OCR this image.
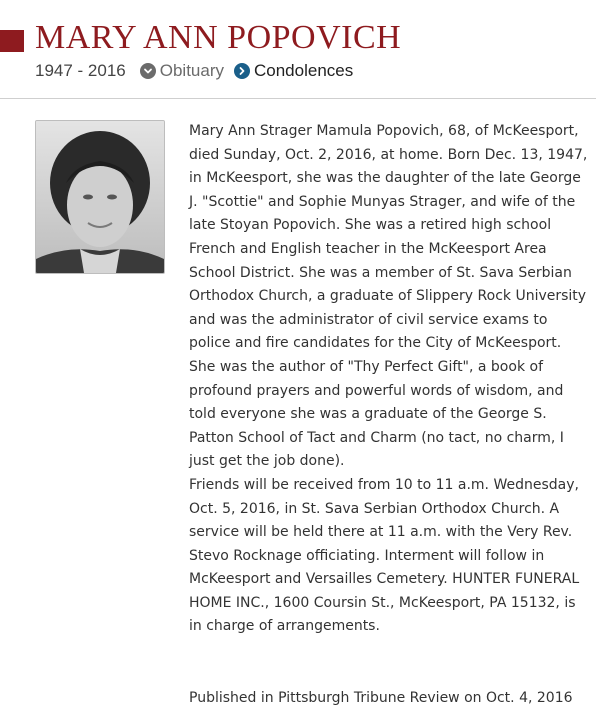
MARY ANN POPOVICH
1947 - 2016 Obituary Condolences

Mary Ann Strager Mamula Popovich, 68, of McKeesport, died Sunday, Oct. 2, 2016, at home. Born Dec. 13, 1947, in McKeesport, she was the daughter of the late George J. "Scottie" and Sophie Munyas Strager, and wife of the late Stoyan Popovich. She was a retired high school French and English teacher in the McKeesport Area School District. She was a member of St. Sava Serbian Orthodox Church, a graduate of Slippery Rock University and was the administrator of civil service exams to police and fire candidates for the City of McKeesport. She was the author of "Thy Perfect Gift", a book of profound prayers and powerful words of wisdom, and told everyone she was a graduate of the George S. Patton School of Tact and Charm (no tact, no charm, I just get the job done).

Friends will be received from 10 to 11 a.m. Wednesday, Oct. 5, 2016, in St. Sava Serbian Orthodox Church. A service will be held there at 11 a.m. with the Very Rev. Stevo Rocknage officiating. Interment will follow in McKeesport and Versailles Cemetery. HUNTER FUNERAL HOME INC., 1600 Coursin St., McKeesport, PA 15132, is in charge of arrangements.

Published in Pittsburgh Tribune Review on Oct. 4, 2016
